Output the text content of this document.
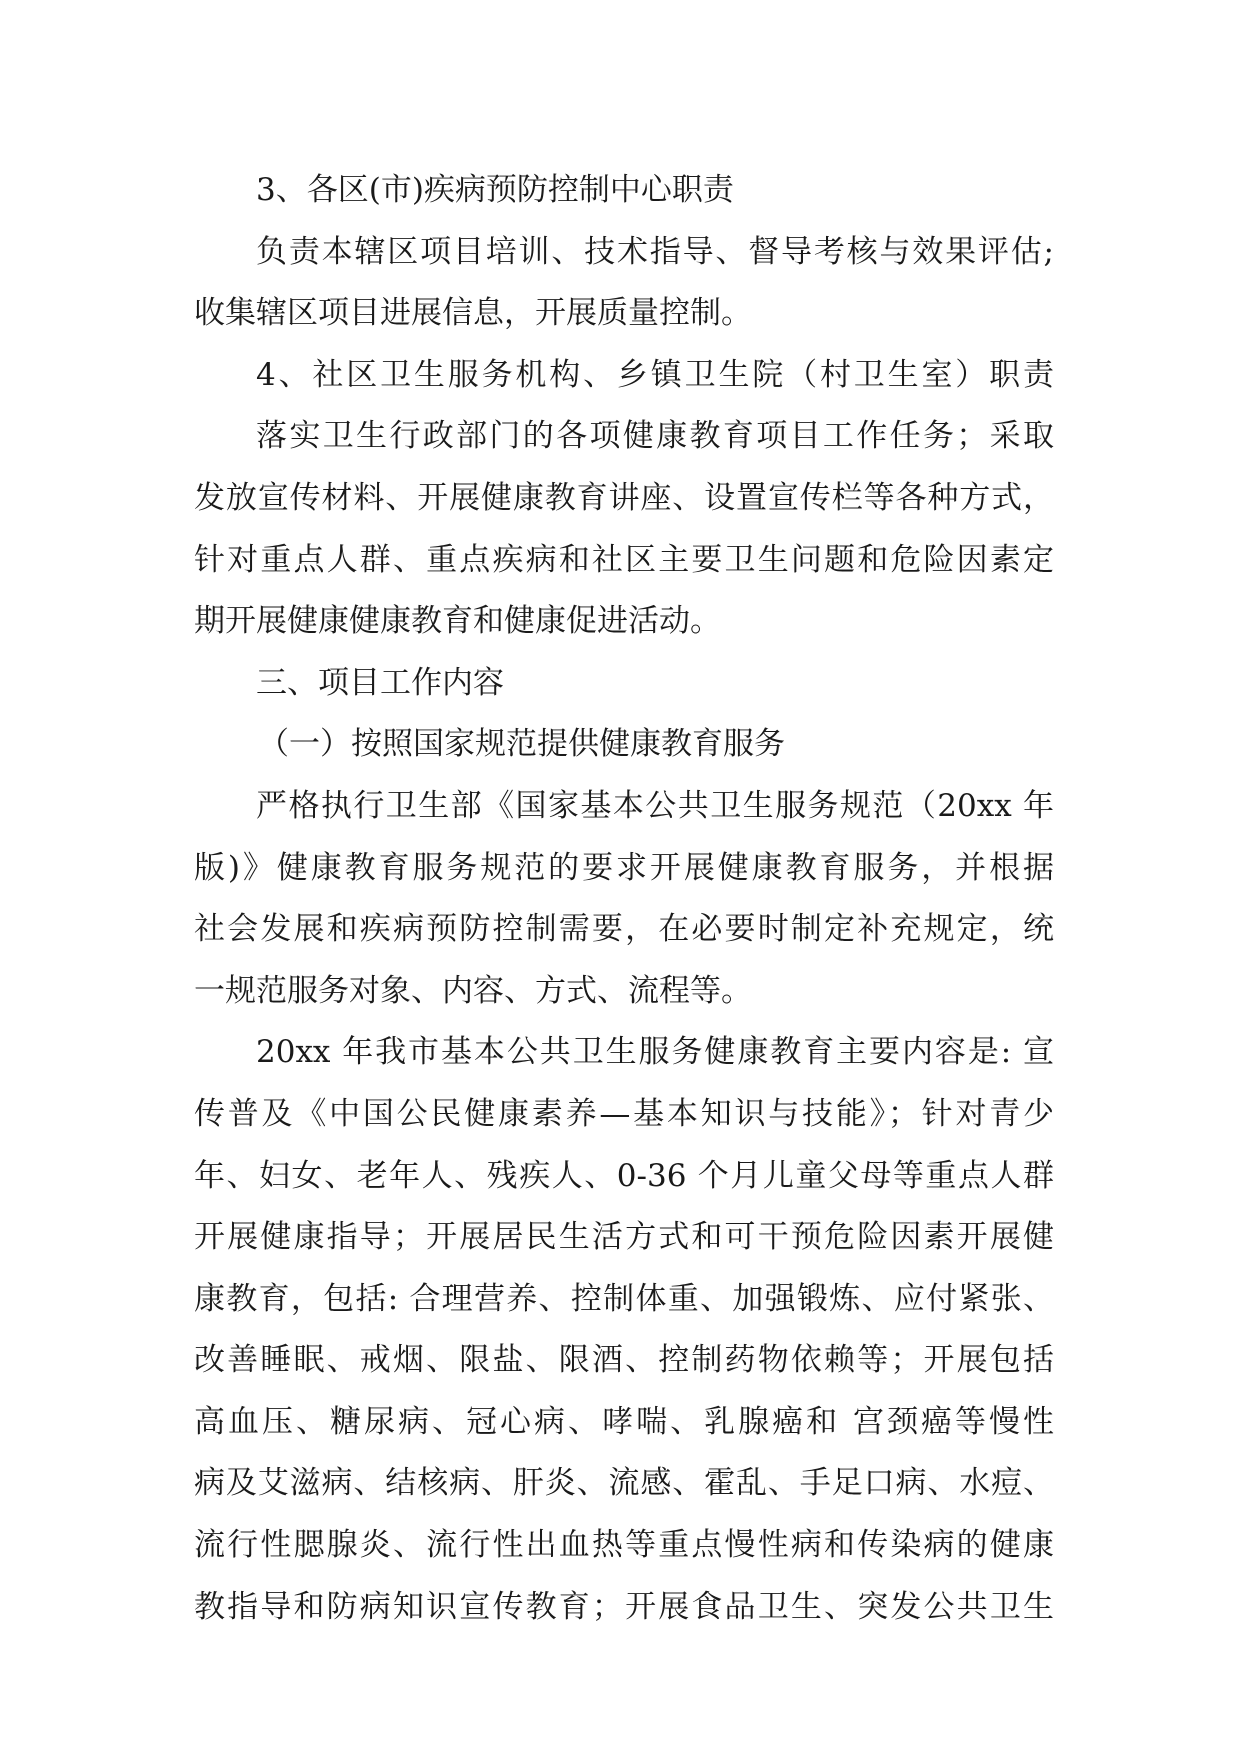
3、各区(市)疾病预防控制中心职责
负责本辖区项目培训、技术指导、督导考核与效果评估;
收集辖区项目进展信息，开展质量控制。
4、社区卫生服务机构、乡镇卫生院（村卫生室）职责
落实卫生行政部门的各项健康教育项目工作任务；采取
发放宣传材料、开展健康教育讲座、设置宣传栏等各种方式，
针对重点人群、重点疾病和社区主要卫生问题和危险因素定
期开展健康健康教育和健康促进活动。
三、项目工作内容
（一）按照国家规范提供健康教育服务
严格执行卫生部《国家基本公共卫生服务规范（20xx 年
版)》健康教育服务规范的要求开展健康教育服务，并根据
社会发展和疾病预防控制需要，在必要时制定补充规定，统
一规范服务对象、内容、方式、流程等。
20xx 年我市基本公共卫生服务健康教育主要内容是: 宣
传普及《中国公民健康素养—基本知识与技能》；针对青少
年、妇女、老年人、残疾人、0-36 个月儿童父母等重点人群
开展健康指导；开展居民生活方式和可干预危险因素开展健
康教育，包括: 合理营养、控制体重、加强锻炼、应付紧张、
改善睡眠、戒烟、限盐、限酒、控制药物依赖等；开展包括
高血压、糖尿病、冠心病、哮喘、乳腺癌和 宫颈癌等慢性
病及艾滋病、结核病、肝炎、流感、霍乱、手足口病、水痘、
流行性腮腺炎、流行性出血热等重点慢性病和传染病的健康
教指导和防病知识宣传教育；开展食品卫生、突发公共卫生
